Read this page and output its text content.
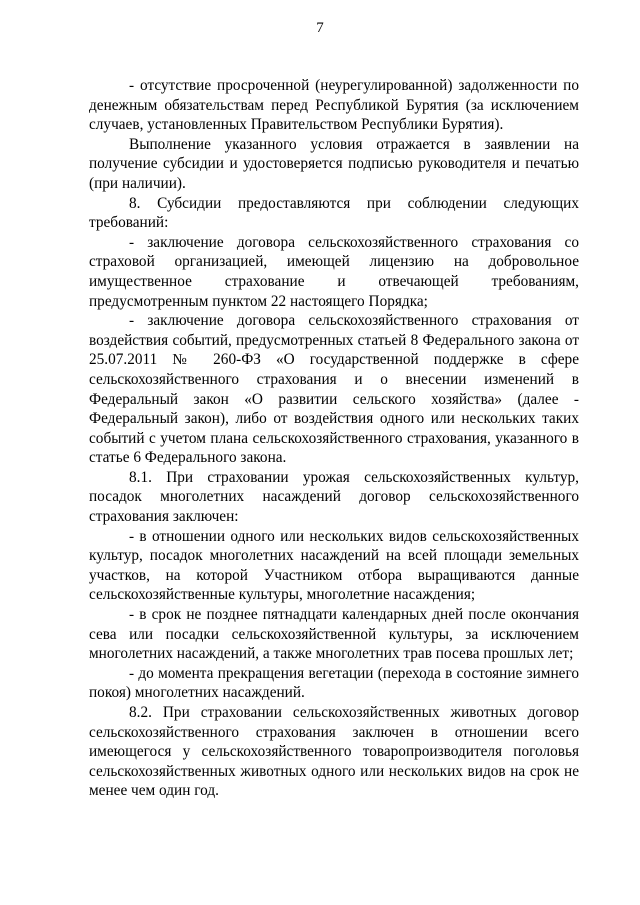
7

- отсутствие просроченной (неурегулированной) задолженности по денежным обязательствам перед Республикой Бурятия (за исключением случаев, установленных Правительством Республики Бурятия).

Выполнение указанного условия отражается в заявлении на получение субсидии и удостоверяется подписью руководителя и печатью (при наличии).

8. Субсидии предоставляются при соблюдении следующих требований:

- заключение договора сельскохозяйственного страхования со страховой организацией, имеющей лицензию на добровольное имущественное страхование и отвечающей требованиям, предусмотренным пунктом 22 настоящего Порядка;

- заключение договора сельскохозяйственного страхования от воздействия событий, предусмотренных статьей 8 Федерального закона от 25.07.2011 № 260-ФЗ «О государственной поддержке в сфере сельскохозяйственного страхования и о внесении изменений в Федеральный закон «О развитии сельского хозяйства» (далее - Федеральный закон), либо от воздействия одного или нескольких таких событий с учетом плана сельскохозяйственного страхования, указанного в статье 6 Федерального закона.

8.1. При страховании урожая сельскохозяйственных культур, посадок многолетних насаждений договор сельскохозяйственного страхования заключен:

- в отношении одного или нескольких видов сельскохозяйственных культур, посадок многолетних насаждений на всей площади земельных участков, на которой Участником отбора выращиваются данные сельскохозяйственные культуры, многолетние насаждения;

- в срок не позднее пятнадцати календарных дней после окончания сева или посадки сельскохозяйственной культуры, за исключением многолетних насаждений, а также многолетних трав посева прошлых лет;

- до момента прекращения вегетации (перехода в состояние зимнего покоя) многолетних насаждений.

8.2. При страховании сельскохозяйственных животных договор сельскохозяйственного страхования заключен в отношении всего имеющегося у сельскохозяйственного товаропроизводителя поголовья сельскохозяйственных животных одного или нескольких видов на срок не менее чем один год.
